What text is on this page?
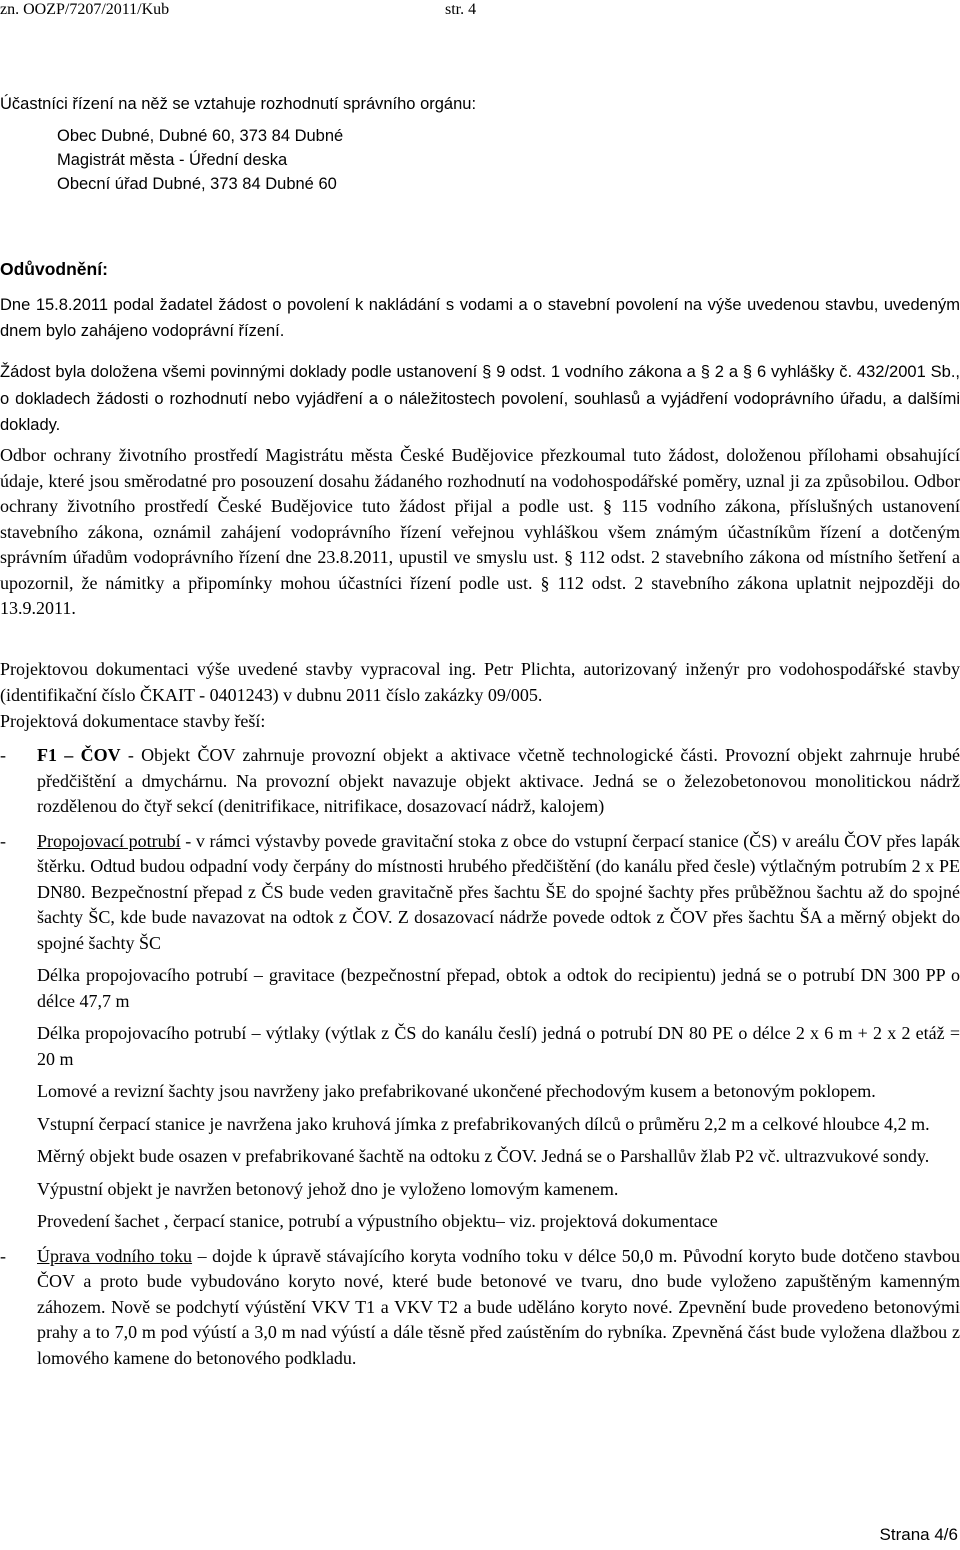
zn. OOZP/7207/2011/Kub	str. 4
Účastníci řízení na něž se vztahuje rozhodnutí správního orgánu:
Obec Dubné, Dubné 60, 373 84 Dubné
Magistrát města - Úřední deska
Obecní úřad Dubné, 373 84 Dubné 60
Odůvodnění:
Dne 15.8.2011 podal žadatel žádost o povolení k nakládání s vodami a o stavební povolení na výše uvedenou stavbu, uvedeným dnem bylo zahájeno vodoprávní řízení.
Žádost byla doložena všemi povinnými doklady podle ustanovení § 9 odst. 1 vodního zákona a § 2 a § 6 vyhlášky č. 432/2001 Sb., o dokladech žádosti o rozhodnutí nebo vyjádření a o náležitostech povolení, souhlasů a vyjádření vodoprávního úřadu, a dalšími doklady.
Odbor ochrany životního prostředí Magistrátu města České Budějovice přezkoumal tuto žádost, doloženou přílohami obsahující údaje, které jsou směrodatné pro posouzení dosahu žádaného rozhodnutí na vodohospodářské poměry, uznal ji za způsobilou. Odbor ochrany životního prostředí České Budějovice tuto žádost přijal a podle ust. § 115 vodního zákona, příslušných ustanovení stavebního zákona, oznámil zahájení vodoprávního řízení veřejnou vyhláškou všem známým účastníkům řízení a dotčeným správním úřadům vodoprávního řízení dne 23.8.2011, upustil ve smyslu ust. § 112 odst. 2 stavebního zákona od místního šetření a upozornil, že námitky a připomínky mohou účastníci řízení podle ust. § 112 odst. 2 stavebního zákona uplatnit nejpozději do 13.9.2011.
Projektovou dokumentaci výše uvedené stavby vypracoval ing. Petr Plichta, autorizovaný inženýr pro vodohospodářské stavby (identifikační číslo ČKAIT - 0401243) v dubnu 2011 číslo zakázky 09/005.
Projektová dokumentace stavby řeší:
- F1 – ČOV - Objekt ČOV zahrnuje provozní objekt a aktivace včetně technologické části. Provozní objekt zahrnuje hrubé předčištění a dmychárnu. Na provozní objekt navazuje objekt aktivace. Jedná se o železobetonovou monolitickou nádrž rozdělenou do čtyř sekcí (denitrifikace, nitrifikace, dosazovací nádrž, kalojem)
- Propojovací potrubí - v rámci výstavby povede gravitační stoka z obce do vstupní čerpací stanice (ČS) v areálu ČOV přes lapák štěrku. Odtud budou odpadní vody čerpány do místnosti hrubého předčištění (do kanálu před česle) výtlačným potrubím 2 x PE DN80. Bezpečnostní přepad z ČS bude veden gravitačně přes šachtu ŠE do spojné šachty přes průběžnou šachtu až do spojné šachty ŠC, kde bude navazovat na odtok z ČOV. Z dosazovací nádrže povede odtok z ČOV přes šachtu ŠA a měrný objekt do spojné šachty ŠC
Délka propojovacího potrubí – gravitace (bezpečnostní přepad, obtok a odtok do recipientu) jedná se o potrubí DN 300 PP o délce 47,7 m
Délka propojovacího potrubí – výtlaky (výtlak z ČS do kanálu česlí) jedná o potrubí DN 80 PE o délce 2 x 6 m + 2 x 2 etáž = 20 m
Lomové a revizní šachty jsou navrženy jako prefabrikované ukončené přechodovým kusem a betonovým poklopem.
Vstupní čerpací stanice je navržena jako kruhová jímka z prefabrikovaných dílců o průměru 2,2 m a celkové hloubce 4,2 m.
Měrný objekt bude osazen v prefabrikované šachtě na odtoku z ČOV. Jedná se o Parshallův žlab P2 vč. ultrazvukové sondy.
Výpustní objekt je navržen betonový jehož dno je vyloženo lomovým kamenem.
Provedení šachet , čerpací stanice, potrubí a výpustního objektu– viz. projektová dokumentace
- Úprava vodního toku – dojde k úpravě stávajícího koryta vodního toku v délce 50,0 m. Původní koryto bude dotčeno stavbou ČOV a proto bude vybudováno koryto nové, které bude betonové ve tvaru, dno bude vyloženo zapuštěným kamenným záhozem. Nově se podchytí výústění VKV T1 a VKV T2 a bude uděláno koryto nové. Zpevnění bude provedeno betonovými prahy a to 7,0 m pod výústí a 3,0 m nad výústí a dále těsně před zaústěním do rybníka. Zpevněná část bude vyložena dlažbou z lomového kamene do betonového podkladu.
Strana 4/6
